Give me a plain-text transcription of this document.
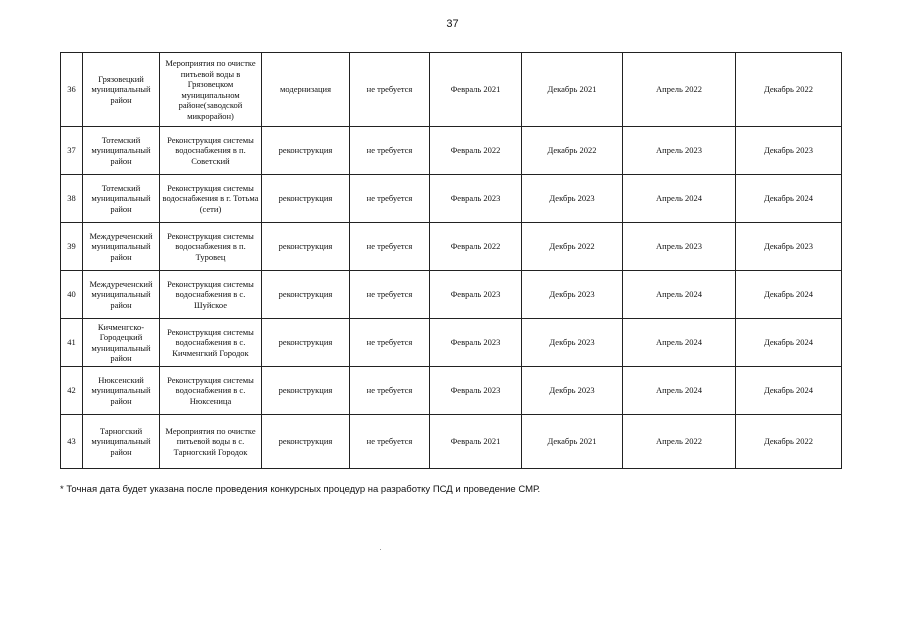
37
36	Грязовецкий муниципальный район	Мероприятия по очистке питьевой воды в Грязовецком муниципальном районе(заводской микрорайон)	модернизация	не требуется	Февраль 2021	Декабрь 2021	Апрель 2022	Декабрь 2022
37	Тотемский муниципальный район	Реконструкция системы водоснабжения в п. Советский	реконструкция	не требуется	Февраль 2022	Декабрь 2022	Апрель 2023	Декабрь 2023
38	Тотемский муниципальный район	Реконструкция системы водоснабжения в г. Тотьма (сети)	реконструкция	не требуется	Февраль 2023	Декбрь 2023	Апрель 2024	Декабрь 2024
39	Междуреченский муниципальный район	Реконструкция системы водоснабжения в п. Туровец	реконструкция	не требуется	Февраль 2022	Декбрь 2022	Апрель 2023	Декабрь 2023
40	Междуреченский муниципальный район	Реконструкция системы водоснабжения в с. Шуйское	реконструкция	не требуется	Февраль 2023	Декбрь 2023	Апрель 2024	Декабрь 2024
41	Кичменгско-Городецкий муниципальный район	Реконструкция системы водоснабжения в с. Кичменгкий Городок	реконструкция	не требуется	Февраль 2023	Декбрь 2023	Апрель 2024	Декабрь 2024
42	Нюксенский муниципальный район	Реконструкция системы водоснабжения в с. Нюксеница	реконструкция	не требуется	Февраль 2023	Декбрь 2023	Апрель 2024	Декабрь 2024
43	Тарногский муниципальный район	Мероприятия по очистке питьевой воды в с. Тарногский Городок	реконструкция	не требуется	Февраль 2021	Декабрь 2021	Апрель 2022	Декабрь 2022
* Точная дата будет указана после проведения конкурсных процедур на разработку ПСД и проведение СМР.
